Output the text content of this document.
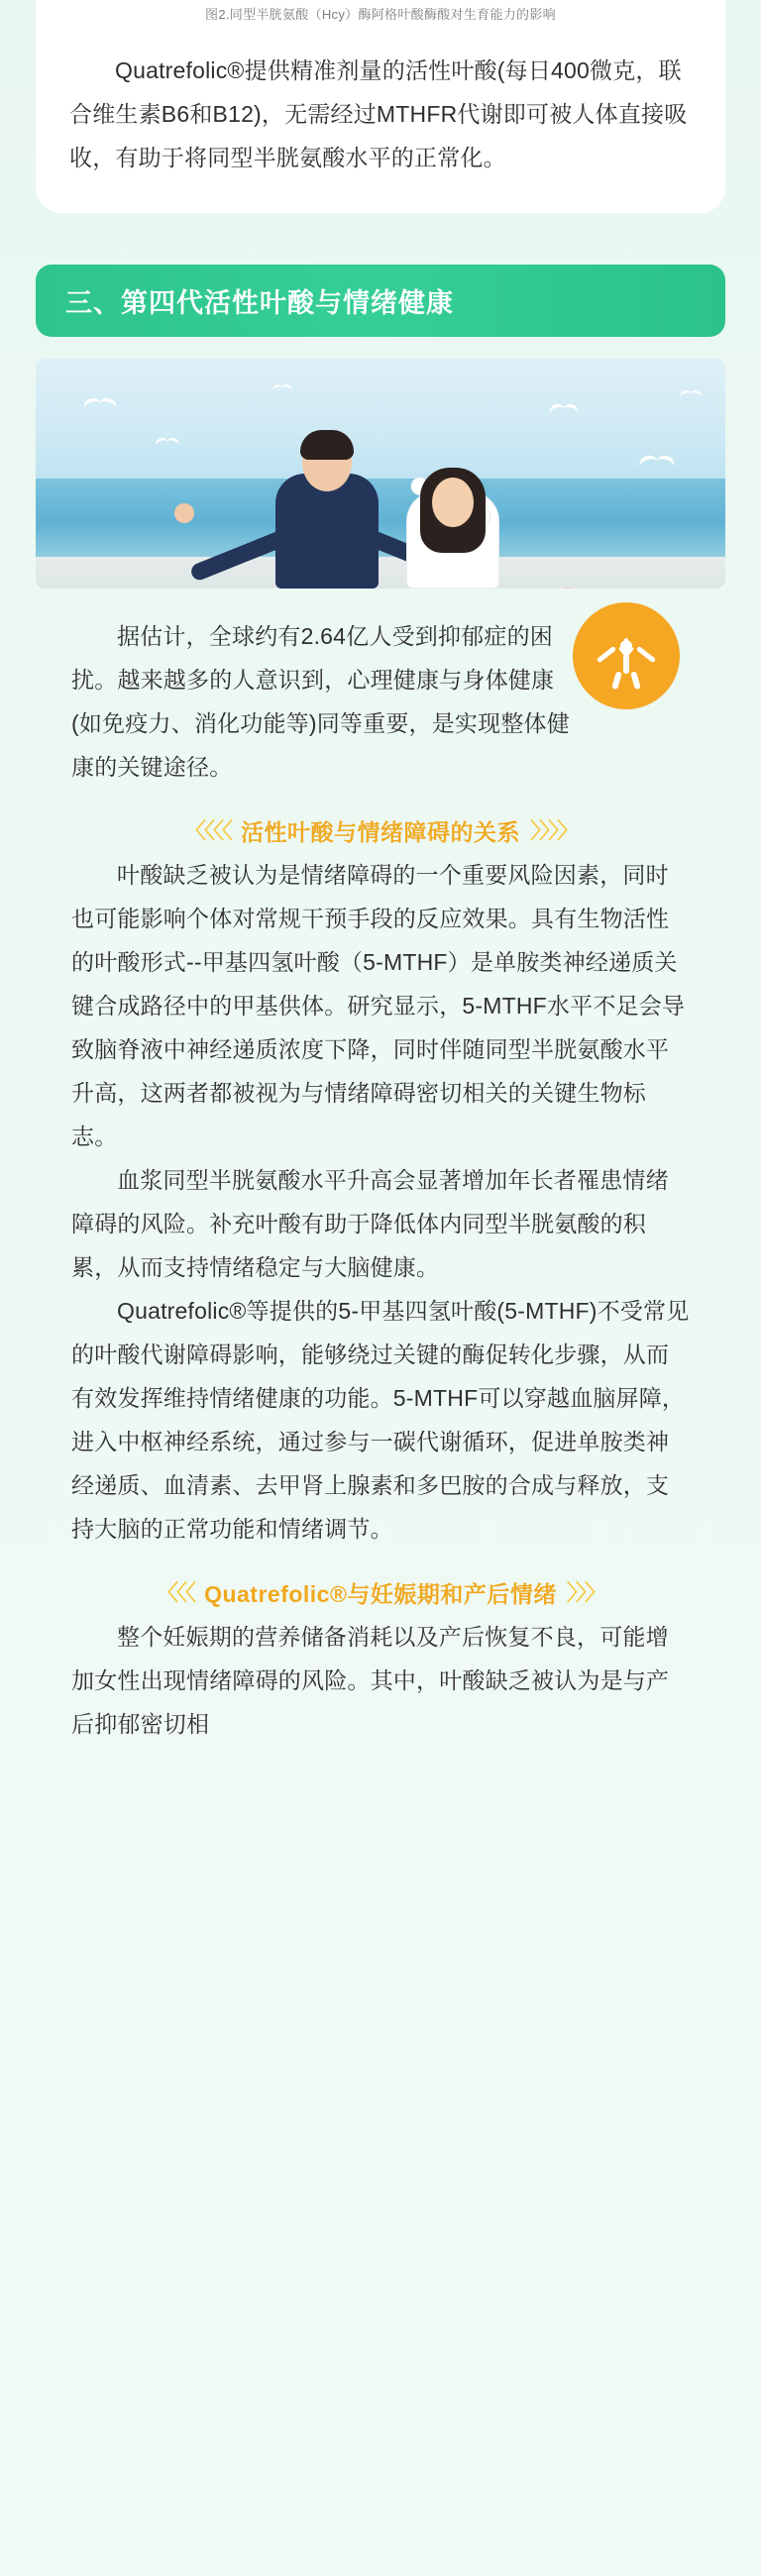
图2.同型半胱氨酸（Hcy）酶阿格叶酸酶酸对生育能力的影响

Quatrefolic®提供精准剂量的活性叶酸(每日400微克，联合维生素B6和B12)，无需经过MTHFR代谢即可被人体直接吸收，有助于将同型半胱氨酸水平的正常化。

三、第四代活性叶酸与情绪健康

据估计，全球约有2.64亿人受到抑郁症的困扰。越来越多的人意识到，心理健康与身体健康(如免疫力、消化功能等)同等重要，是实现整体健康的关键途径。

〈〈〈〈 活性叶酸与情绪障碍的关系 〉〉〉〉

叶酸缺乏被认为是情绪障碍的一个重要风险因素，同时也可能影响个体对常规干预手段的反应效果。具有生物活性的叶酸形式--甲基四氢叶酸（5-MTHF）是单胺类神经递质关键合成路径中的甲基供体。研究显示，5-MTHF水平不足会导致脑脊液中神经递质浓度下降，同时伴随同型半胱氨酸水平升高，这两者都被视为与情绪障碍密切相关的关键生物标志。

血浆同型半胱氨酸水平升高会显著增加年长者罹患情绪障碍的风险。补充叶酸有助于降低体内同型半胱氨酸的积累，从而支持情绪稳定与大脑健康。

Quatrefolic®等提供的5-甲基四氢叶酸(5-MTHF)不受常见的叶酸代谢障碍影响，能够绕过关键的酶促转化步骤，从而有效发挥维持情绪健康的功能。5-MTHF可以穿越血脑屏障，进入中枢神经系统，通过参与一碳代谢循环，促进单胺类神经递质、血清素、去甲肾上腺素和多巴胺的合成与释放，支持大脑的正常功能和情绪调节。

〈〈〈 Quatrefolic®与妊娠期和产后情绪 〉〉〉

整个妊娠期的营养储备消耗以及产后恢复不良，可能增加女性出现情绪障碍的风险。其中，叶酸缺乏被认为是与产后抑郁密切相
